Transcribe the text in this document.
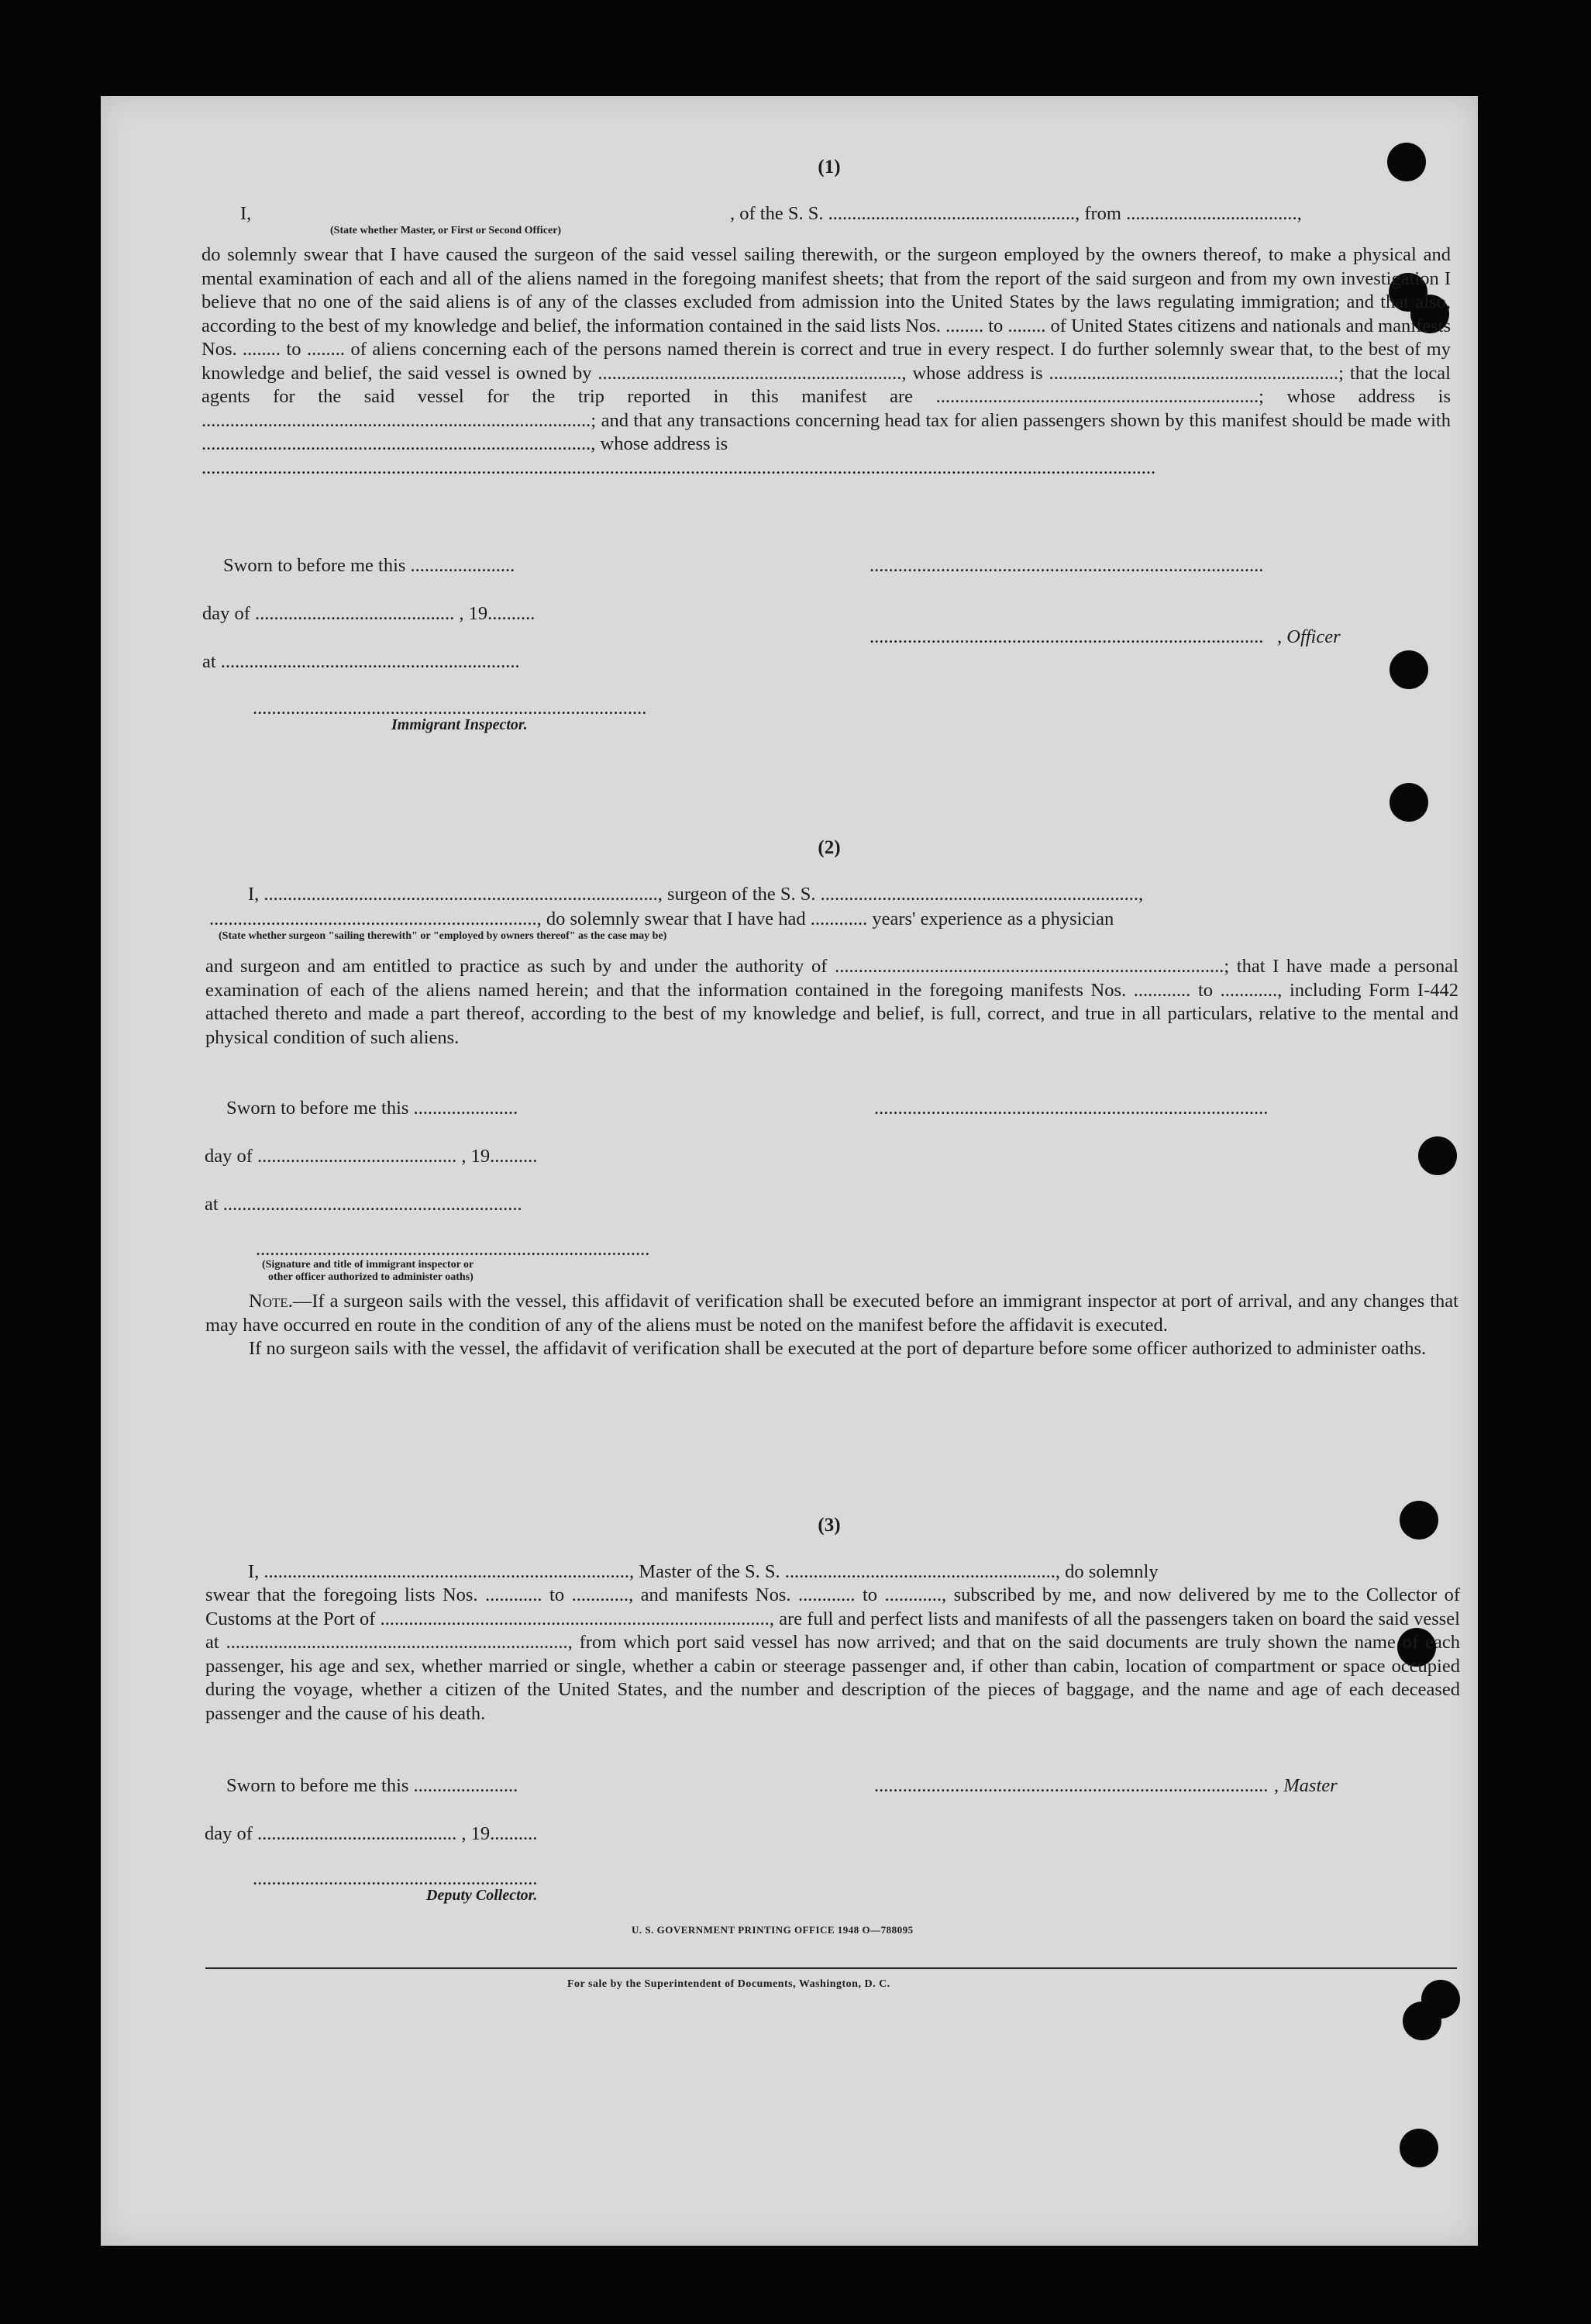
(1)
I,	, of the S. S. ...................................................., from ....................................,
(State whether Master, or First or Second Officer)

do solemnly swear that I have caused the surgeon of the said vessel sailing therewith, or the surgeon employed by the owners thereof, to make a physical and mental examination of each and all of the aliens named in the foregoing manifest sheets; that from the report of the said surgeon and from my own investigation I believe that no one of the said aliens is of any of the classes excluded from admission into the United States by the laws regulating immigration; and that also, according to the best of my knowledge and belief, the information contained in the said lists Nos. ........ to ........ of United States citizens and nationals and manifests Nos. ........ to ........ of aliens concerning each of the persons named therein is correct and true in every respect. I do further solemnly swear that, to the best of my knowledge and belief, the said vessel is owned by ................................................................, whose address is .............................................................; that the local agents for the said vessel for the trip reported in this manifest are ....................................................................; whose address is ..................................................................................; and that any transactions concerning head tax for alien passengers shown by this manifest should be made with .................................................................................., whose address is

.........................................................................................................................................................................................................

Sworn to before me this ......................	...................................................................................
day of .......................................... , 19..........
................................................................................... , Officer
at ...............................................................
...................................................................................
Immigrant Inspector.
(2)
I, ..................................................................................., surgeon of the S. S. ...................................................................,
....................................................................., do solemnly swear that I have had ............ years' experience as a physician
(State whether surgeon "sailing therewith" or "employed by owners thereof" as the case may be)

and surgeon and am entitled to practice as such by and under the authority of ..................................................................................; that I have made a personal examination of each of the aliens named herein; and that the information contained in the foregoing manifests Nos. ............ to ............, including Form I-442 attached thereto and made a part thereof, according to the best of my knowledge and belief, is full, correct, and true in all particulars, relative to the mental and physical condition of such aliens.

Sworn to before me this ......................	...................................................................................
day of .......................................... , 19..........
at ...............................................................
...................................................................................
(Signature and title of immigrant inspector or
other officer authorized to administer oaths)

Note.—If a surgeon sails with the vessel, this affidavit of verification shall be executed before an immigrant inspector at port of arrival, and any changes that may have occurred en route in the condition of any of the aliens must be noted on the manifest before the affidavit is executed.

If no surgeon sails with the vessel, the affidavit of verification shall be executed at the port of departure before some officer authorized to administer oaths.

(3)
I, ............................................................................., Master of the S. S. ........................................................., do solemnly

swear that the foregoing lists Nos. ............ to ............, and manifests Nos. ............ to ............, subscribed by me, and now delivered by me to the Collector of Customs at the Port of .................................................................................., are full and perfect lists and manifests of all the passengers taken on board the said vessel at ........................................................................, from which port said vessel has now arrived; and that on the said documents are truly shown the name of each passenger, his age and sex, whether married or single, whether a cabin or steerage passenger and, if other than cabin, location of compartment or space occupied during the voyage, whether a citizen of the United States, and the number and description of the pieces of baggage, and the name and age of each deceased passenger and the cause of his death.

Sworn to before me this ......................	................................................................................... , Master
day of .......................................... , 19..........
............................................................
Deputy Collector.
U. S. GOVERNMENT PRINTING OFFICE 1948 O—788095
For sale by the Superintendent of Documents, Washington, D. C.
